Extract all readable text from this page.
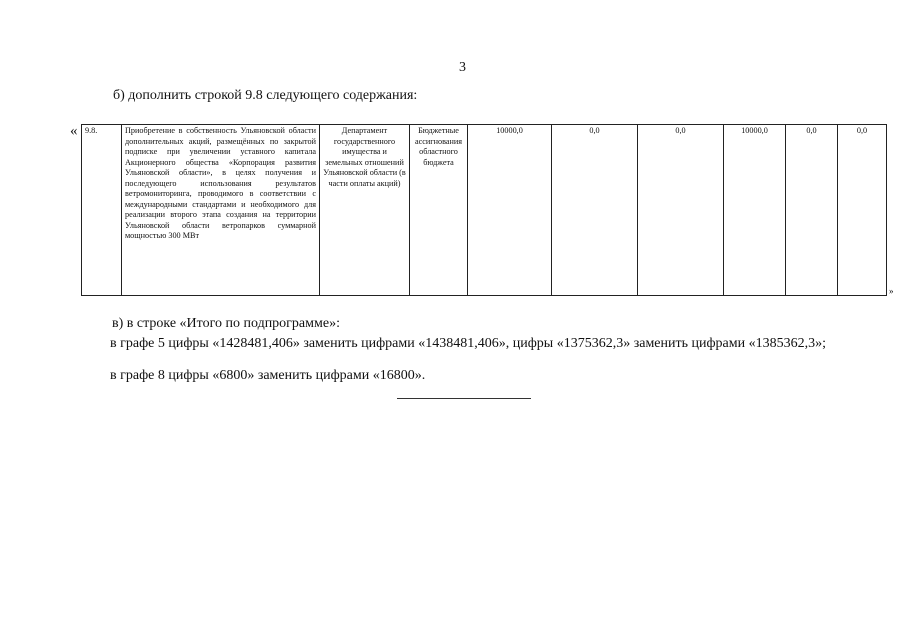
3
б) дополнить строкой 9.8 следующего содержания:
« 9.8.	Приобретение в собственность Ульяновской области дополнительных акций, размещённых по закрытой подписке при увеличении уставного капитала Акционерного общества «Корпорация развития Ульяновской области», в целях получения и последующего использования результатов ветромониторинга, проводимого в соответствии с международными стандартами и необходимого для реализации второго этапа создания на территории Ульяновской области ветропарков суммарной мощностью 300 МВт	Департамент государственного имущества и земельных отношений Ульяновской области (в части оплаты акций)	Бюджетные ассигнования областного бюджета	10000,0	0,0	0,0	10000,0	0,0	0,0
»
в) в строке «Итого по подпрограмме»:
в графе 5 цифры «1428481,406» заменить цифрами «1438481,406», цифры «1375362,3» заменить цифрами «1385362,3»;
в графе 8 цифры «6800» заменить цифрами «16800».
